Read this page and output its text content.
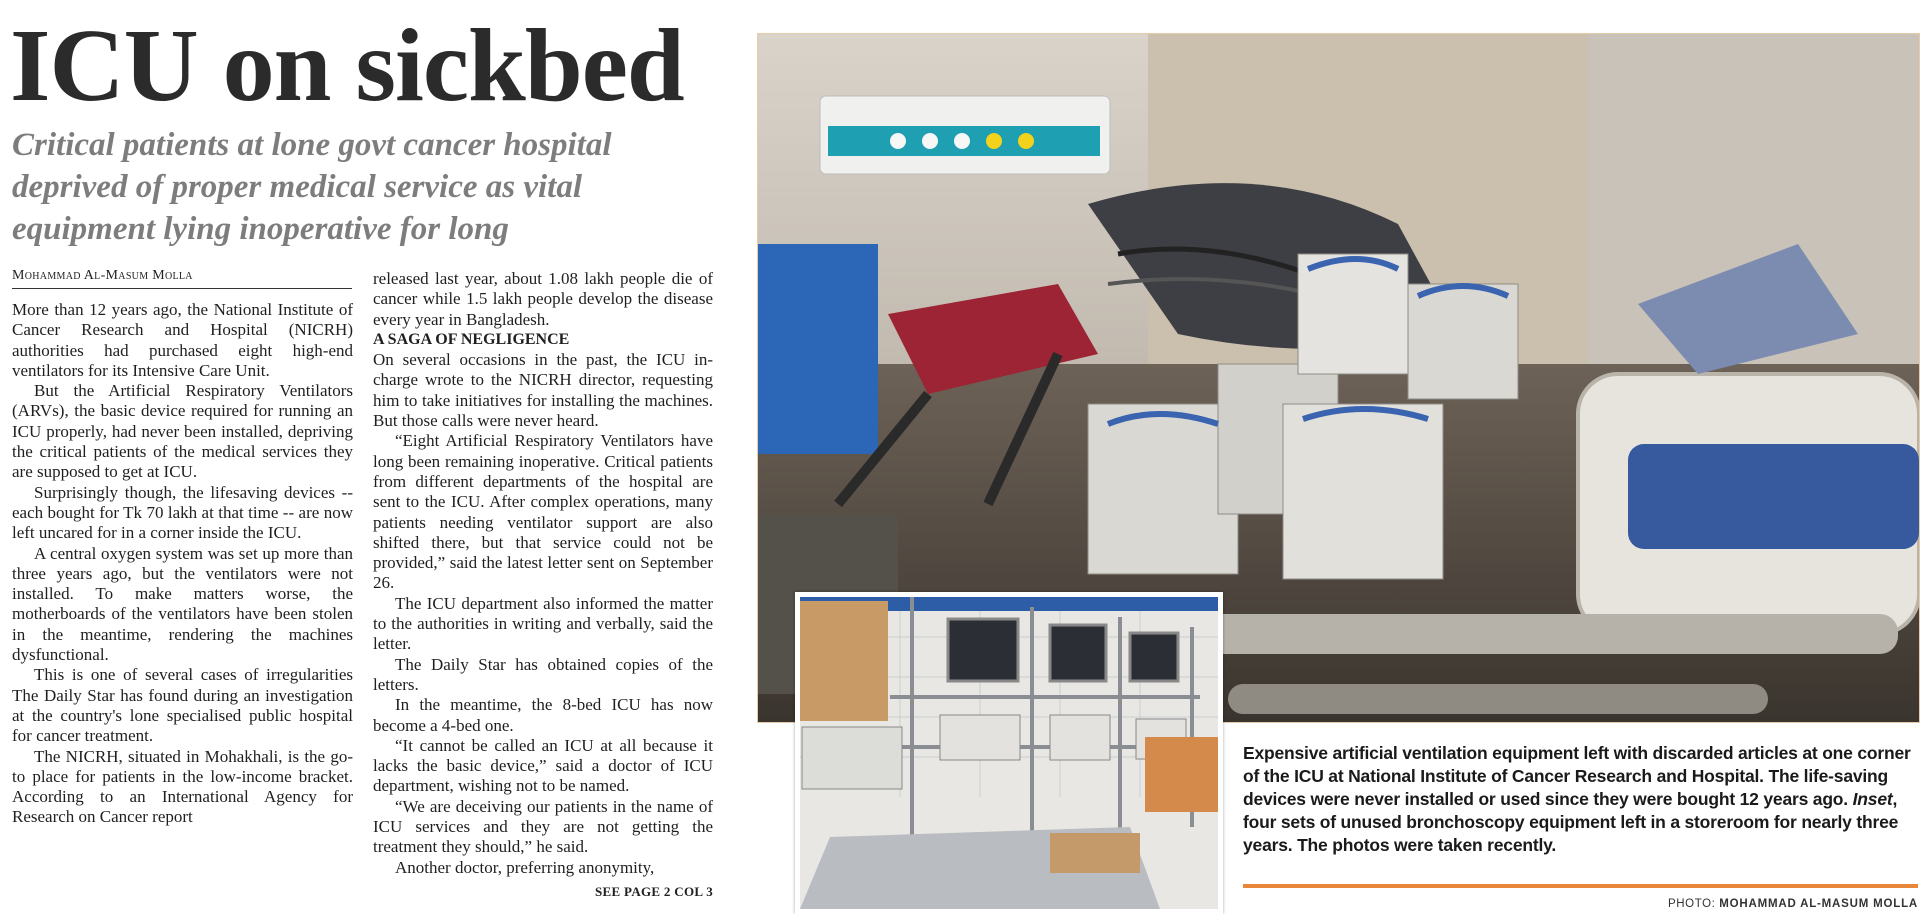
ICU on sickbed

Critical patients at lone govt cancer hospital deprived of proper medical service as vital equipment lying inoperative for long

Mohammad Al-Masum Molla

More than 12 years ago, the National Institute of Cancer Research and Hospital (NICRH) authorities had purchased eight high-end ventilators for its Intensive Care Unit.

But the Artificial Respiratory Ventilators (ARVs), the basic device required for running an ICU properly, had never been installed, depriving the critical patients of the medical services they are supposed to get at ICU.

Surprisingly though, the lifesaving devices -- each bought for Tk 70 lakh at that time -- are now left uncared for in a corner inside the ICU.

A central oxygen system was set up more than three years ago, but the ventilators were not installed. To make matters worse, the motherboards of the ventilators have been stolen in the meantime, rendering the machines dysfunctional.

This is one of several cases of irregularities The Daily Star has found during an investigation at the country's lone specialised public hospital for cancer treatment.

The NICRH, situated in Mohakhali, is the go-to place for patients in the low-income bracket. According to an International Agency for Research on Cancer report

released last year, about 1.08 lakh people die of cancer while 1.5 lakh people develop the disease every year in Bangladesh.

A SAGA OF NEGLIGENCE

On several occasions in the past, the ICU in-charge wrote to the NICRH director, requesting him to take initiatives for installing the machines. But those calls were never heard.

“Eight Artificial Respiratory Ventilators have long been remaining inoperative. Critical patients from different departments of the hospital are sent to the ICU. After complex operations, many patients needing ventilator support are also shifted there, but that service could not be provided,” said the latest letter sent on September 26.

The ICU department also informed the matter to the authorities in writing and verbally, said the letter.

The Daily Star has obtained copies of the letters.

In the meantime, the 8-bed ICU has now become a 4-bed one.

“It cannot be called an ICU at all because it lacks the basic device,” said a doctor of ICU department, wishing not to be named.

“We are deceiving our patients in the name of ICU services and they are not getting the treatment they should,” he said.

Another doctor, preferring anonymity,

SEE PAGE 2 COL 3

Expensive artificial ventilation equipment left with discarded articles at one corner of the ICU at National Institute of Cancer Research and Hospital. The life-saving devices were never installed or used since they were bought 12 years ago. Inset, four sets of unused bronchoscopy equipment left in a storeroom for nearly three years. The photos were taken recently.

PHOTO: MOHAMMAD AL-MASUM MOLLA
